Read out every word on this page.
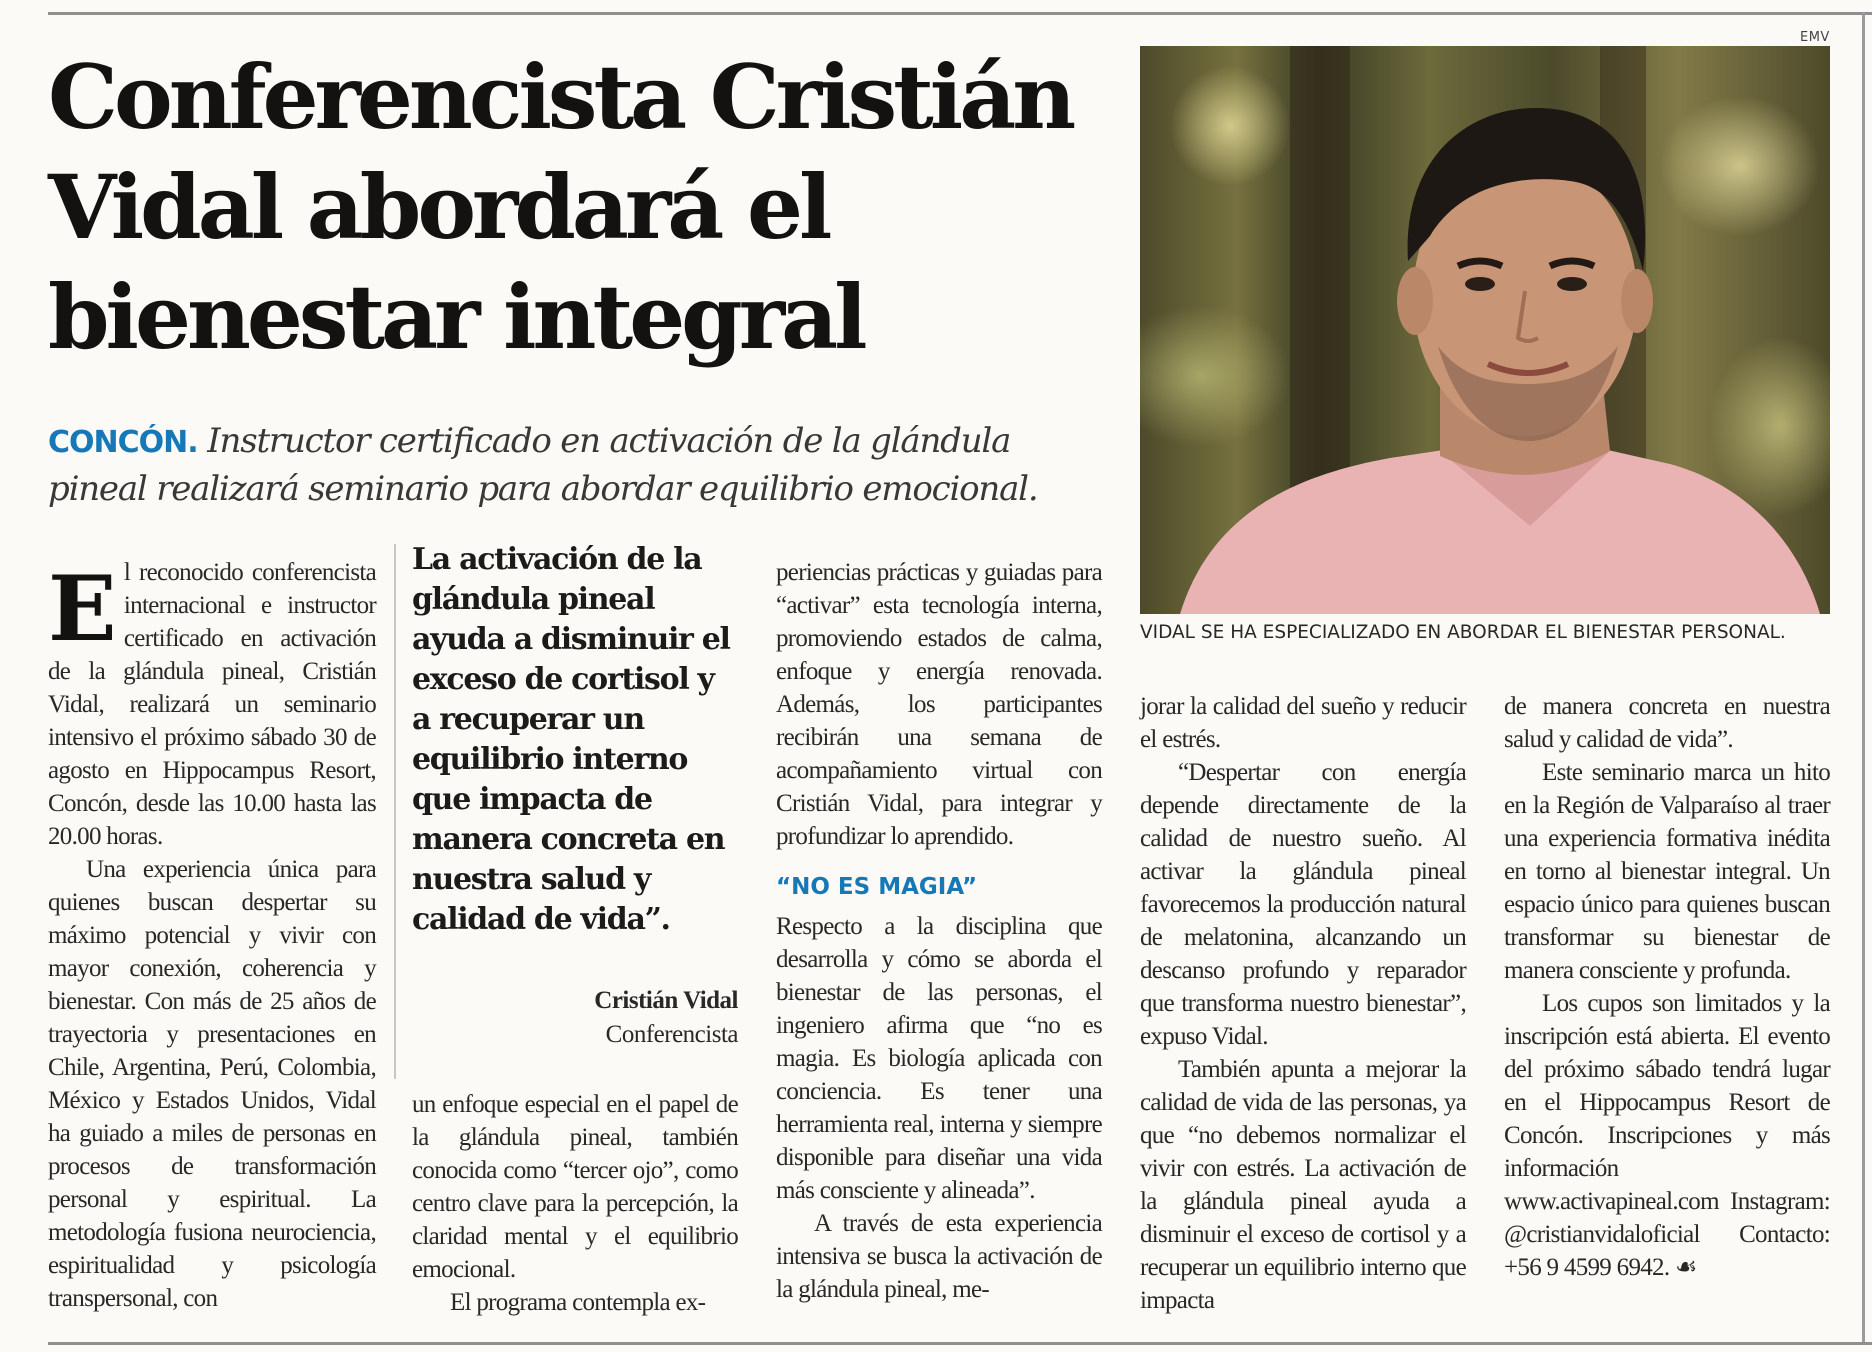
Conferencista Cristián Vidal abordará el bienestar integral

CONCÓN. Instructor certificado en activación de la glándula pineal realizará seminario para abordar equilibrio emocional.

El reconocido conferencista internacional e instructor certificado en activación de la glándula pineal, Cristián Vidal, realizará un seminario intensivo el próximo sábado 30 de agosto en Hippocampus Resort, Concón, desde las 10.00 hasta las 20.00 horas.

Una experiencia única para quienes buscan despertar su máximo potencial y vivir con mayor conexión, coherencia y bienestar. Con más de 25 años de trayectoria y presentaciones en Chile, Argentina, Perú, Colombia, México y Estados Unidos, Vidal ha guiado a miles de personas en procesos de transformación personal y espiritual. La metodología fusiona neurociencia, espiritualidad y psicología transpersonal, con

La activación de la glándula pineal ayuda a disminuir el exceso de cortisol y a recuperar un equilibrio interno que impacta de manera concreta en nuestra salud y calidad de vida”.

Cristián Vidal
Conferencista

un enfoque especial en el papel de la glándula pineal, también conocida como “tercer ojo”, como centro clave para la percepción, la claridad mental y el equilibrio emocional.

El programa contempla ex-

periencias prácticas y guiadas para “activar” esta tecnología interna, promoviendo estados de calma, enfoque y energía renovada. Además, los participantes recibirán una semana de acompañamiento virtual con Cristián Vidal, para integrar y profundizar lo aprendido.

“NO ES MAGIA”

Respecto a la disciplina que desarrolla y cómo se aborda el bienestar de las personas, el ingeniero afirma que “no es magia. Es biología aplicada con conciencia. Es tener una herramienta real, interna y siempre disponible para diseñar una vida más consciente y alineada”.

A través de esta experiencia intensiva se busca la activación de la glándula pineal, me-

jorar la calidad del sueño y reducir el estrés.

“Despertar con energía depende directamente de la calidad de nuestro sueño. Al activar la glándula pineal favorecemos la producción natural de melatonina, alcanzando un descanso profundo y reparador que transforma nuestro bienestar”, expuso Vidal.

También apunta a mejorar la calidad de vida de las personas, ya que “no debemos normalizar el vivir con estrés. La activación de la glándula pineal ayuda a disminuir el exceso de cortisol y a recuperar un equilibrio interno que impacta

de manera concreta en nuestra salud y calidad de vida”.

Este seminario marca un hito en la Región de Valparaíso al traer una experiencia formativa inédita en torno al bienestar integral. Un espacio único para quienes buscan transformar su bienestar de manera consciente y profunda.

Los cupos son limitados y la inscripción está abierta. El evento del próximo sábado tendrá lugar en el Hippocampus Resort de Concón. Inscripciones y más información www.activapineal.com Instagram: @cristianvidaloficial Contacto: +56 9 4599 6942. ☙

EMV
VIDAL SE HA ESPECIALIZADO EN ABORDAR EL BIENESTAR PERSONAL.
